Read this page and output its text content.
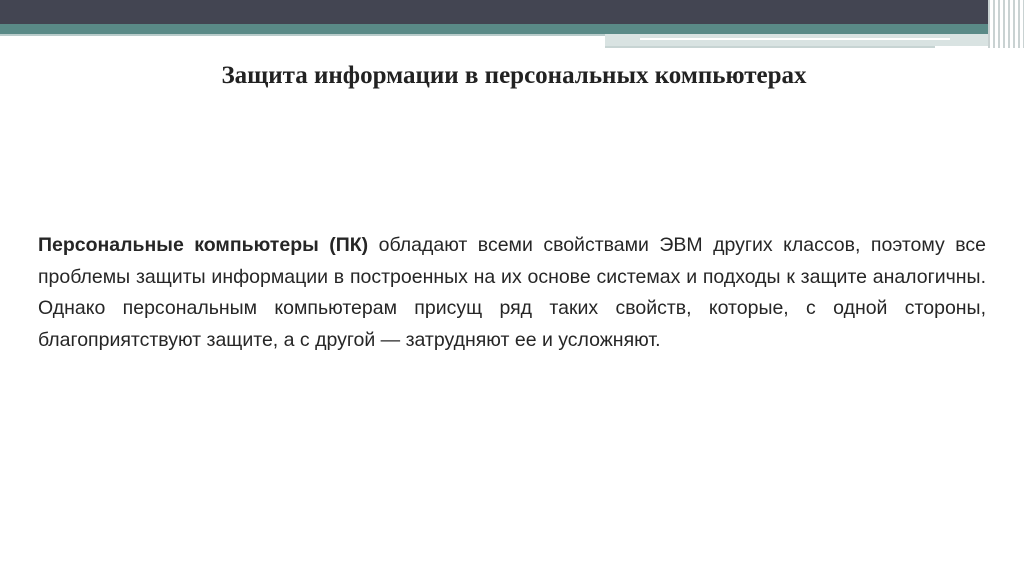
Защита информации в персональных компьютерах
Персональные компьютеры (ПК) обладают всеми свойствами ЭВМ других классов, поэтому все проблемы защиты информации в построенных на их основе системах и подходы к защите аналогичны. Однако персональным компьютерам присущ ряд таких свойств, которые, с одной стороны, благоприятствуют защите, а с другой — затрудняют ее и усложняют.
